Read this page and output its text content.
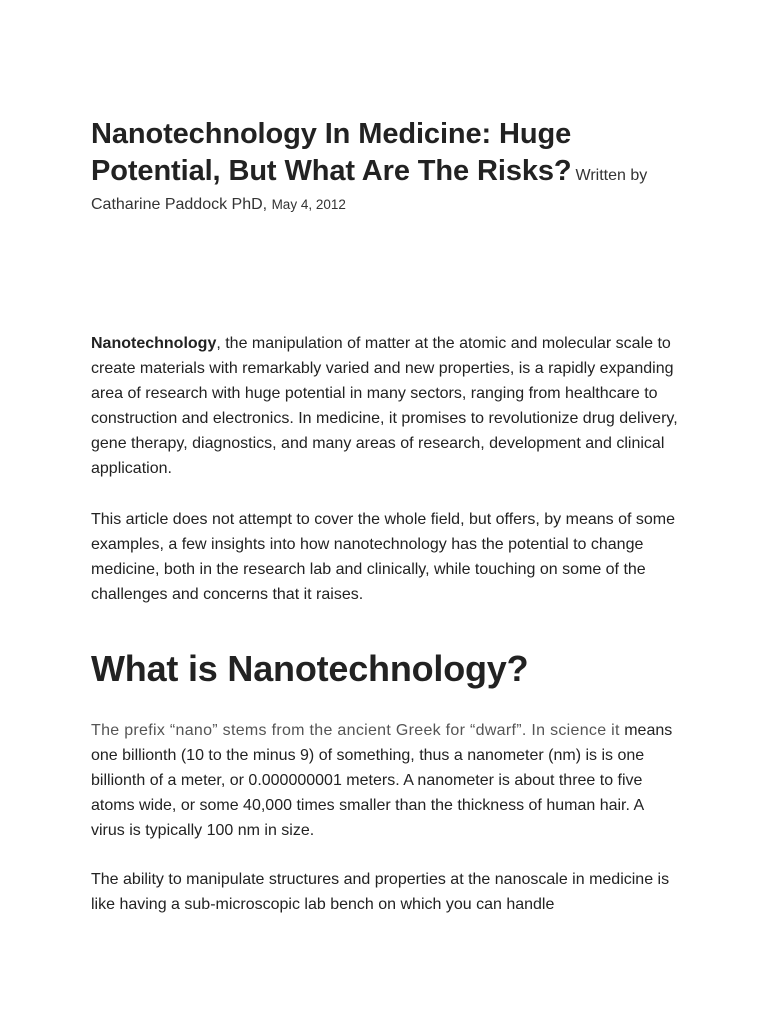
Nanotechnology In Medicine: Huge Potential, But What Are The Risks? Written by
Catharine Paddock PhD, May 4, 2012

Nanotechnology, the manipulation of matter at the atomic and molecular scale to create materials with remarkably varied and new properties, is a rapidly expanding area of research with huge potential in many sectors, ranging from healthcare to construction and electronics. In medicine, it promises to revolutionize drug delivery, gene therapy, diagnostics, and many areas of research, development and clinical application.

This article does not attempt to cover the whole field, but offers, by means of some examples, a few insights into how nanotechnology has the potential to change medicine, both in the research lab and clinically, while touching on some of the challenges and concerns that it raises.

What is Nanotechnology?

The prefix “nano” stems from the ancient Greek for “dwarf”. In science it means one billionth (10 to the minus 9) of something, thus a nanometer (nm) is is one billionth of a meter, or 0.000000001 meters. A nanometer is about three to five atoms wide, or some 40,000 times smaller than the thickness of human hair. A virus is typically 100 nm in size.

The ability to manipulate structures and properties at the nanoscale in medicine is like having a sub-microscopic lab bench on which you can handle
